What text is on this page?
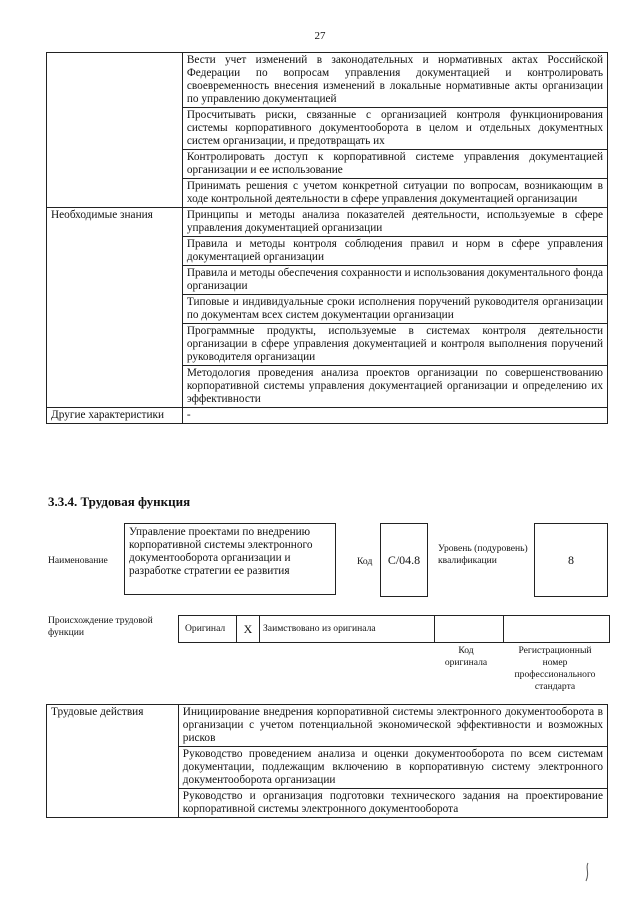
27
	Вести учет изменений в законодательных и нормативных актах Российской Федерации по вопросам управления документацией и контролировать своевременность внесения изменений в локальные нормативные акты организации по управлению документацией
	Просчитывать риски, связанные с организацией контроля функционирования системы корпоративного документооборота в целом и отдельных документных систем организации, и предотвращать их
	Контролировать доступ к корпоративной системе управления документацией организации и ее использование
	Принимать решения с учетом конкретной ситуации по вопросам, возникающим в ходе контрольной деятельности в сфере управления документацией организации
Необходимые знания	Принципы и методы анализа показателей деятельности, используемые в сфере управления документацией организации
	Правила и методы контроля соблюдения правил и норм в сфере управления документацией организации
	Правила и методы обеспечения сохранности и использования документального фонда организации
	Типовые и индивидуальные сроки исполнения поручений руководителя организации по документам всех систем документации организации
	Программные продукты, используемые в системах контроля деятельности организации в сфере управления документацией и контроля выполнения поручений руководителя организации
	Методология проведения анализа проектов организации по совершенствованию корпоративной системы управления документацией организации и определению их эффективности
Другие характеристики	-
3.3.4. Трудовая функция
Наименование
Управление проектами по внедрению корпоративной системы электронного документооборота организации и разработке стратегии ее развития
Код C/04.8
Уровень (подуровень) квалификации	8
Происхождение трудовой функции	Оригинал X Заимствовано из оригинала
Код оригинала
Регистрационный номер профессионального стандарта
Трудовые действия	Инициирование внедрения корпоративной системы электронного документооборота в организации с учетом потенциальной экономической эффективности и возможных рисков
Руководство проведением анализа и оценки документооборота по всем системам документации, подлежащим включению в корпоративную систему электронного документооборота организации
Руководство и организация подготовки технического задания на проектирование корпоративной системы электронного документооборота
